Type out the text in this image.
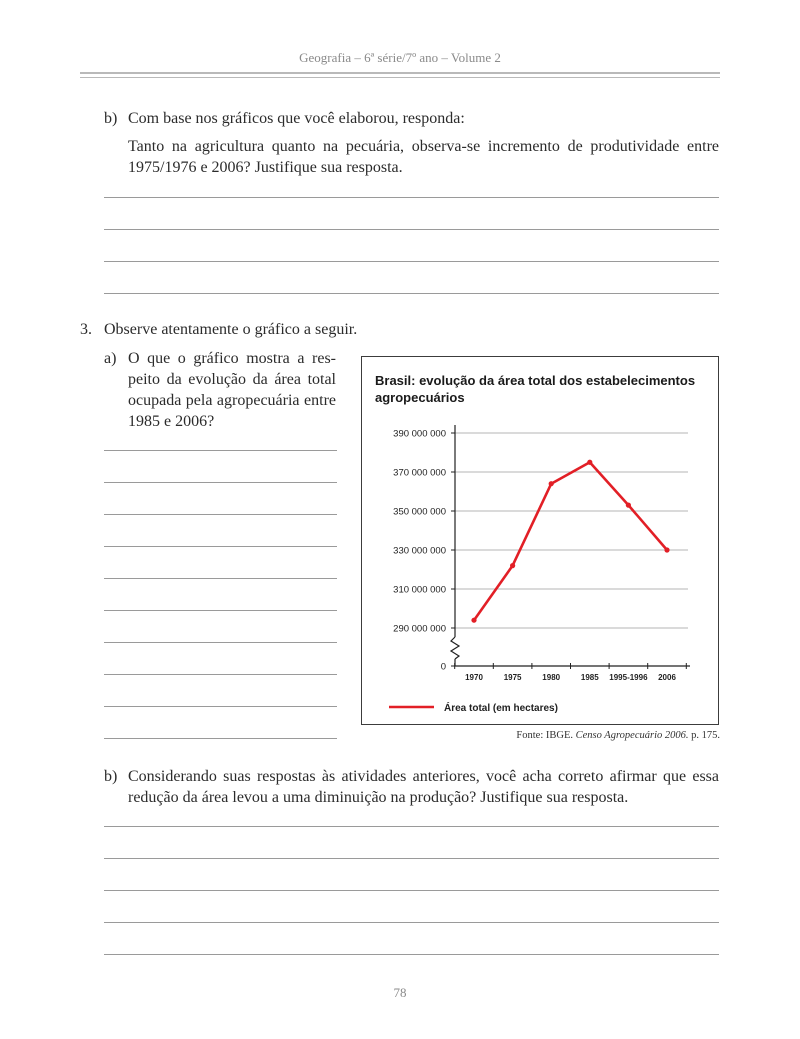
Geografia – 6ª série/7º ano – Volume 2
b) Com base nos gráficos que você elaborou, responda:
Tanto na agricultura quanto na pecuária, observa-se incremento de produtividade entre
1975/1976 e 2006? Justifique sua resposta.
3. Observe atentamente o gráfico a seguir.
a) O que o gráfico mostra a res-
peito da evolução da área total
ocupada pela agropecuária entre
1985 e 2006?
Brasil: evolução da área total dos estabelecimentos
agropecuários
290 000 000
310 000 000
330 000 000
350 000 000
370 000 000
390 000 000
0
1970	1975	1980	1985 1995-1996 2006
Área total (em hectares)
Fonte: IBGE. Censo Agropecuário 2006. p. 175.
b) Considerando suas respostas às atividades anteriores, você acha correto afirmar que essa
redução da área levou a uma diminuição na produção? Justifique sua resposta.
78
